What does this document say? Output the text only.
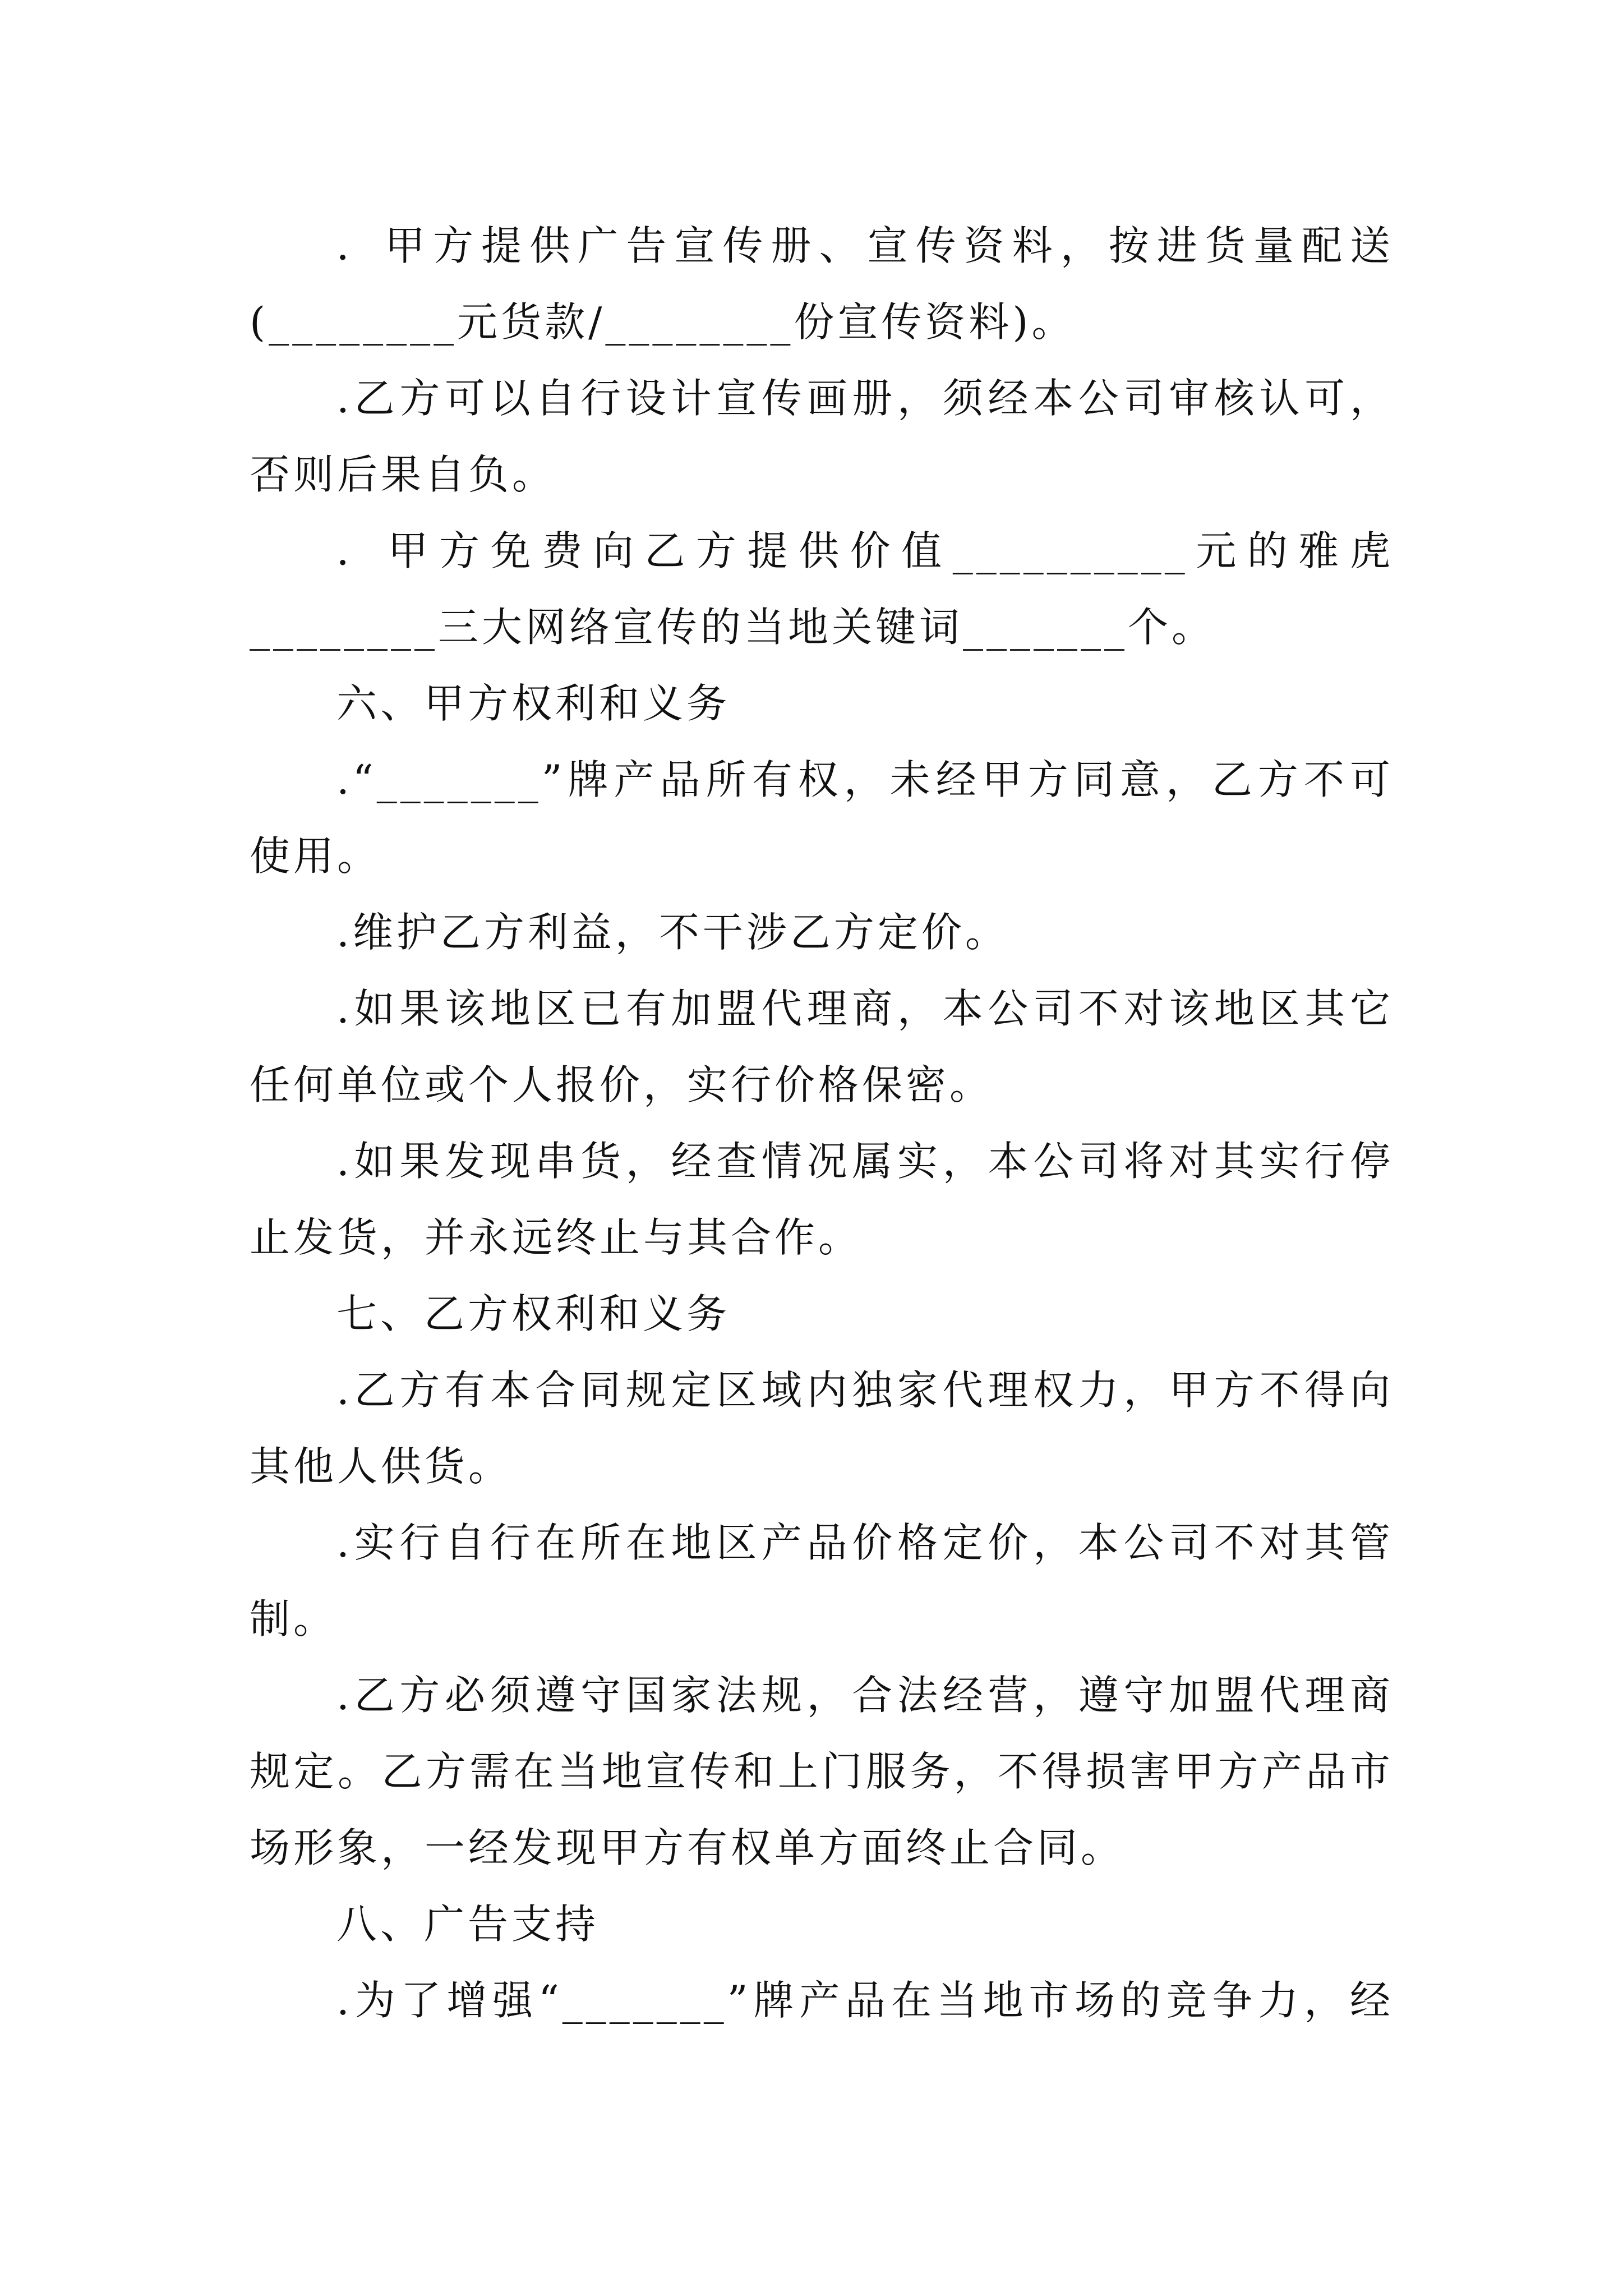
．甲方提供广告宣传册、宣传资料，按进货量配送
(________元货款/________份宣传资料)。
.乙方可以自行设计宣传画册，须经本公司审核认可，
否则后果自负。
．甲方免费向乙方提供价值__________元的雅虎
________三大网络宣传的当地关键词_______个。
六、甲方权利和义务
.“_______”牌产品所有权，未经甲方同意，乙方不可
使用。
.维护乙方利益，不干涉乙方定价。
.如果该地区已有加盟代理商，本公司不对该地区其它
任何单位或个人报价，实行价格保密。
.如果发现串货，经查情况属实，本公司将对其实行停
止发货，并永远终止与其合作。
七、乙方权利和义务
.乙方有本合同规定区域内独家代理权力，甲方不得向
其他人供货。
.实行自行在所在地区产品价格定价，本公司不对其管
制。
.乙方必须遵守国家法规，合法经营，遵守加盟代理商
规定。乙方需在当地宣传和上门服务，不得损害甲方产品市
场形象，一经发现甲方有权单方面终止合同。
八、广告支持
.为了增强“_______”牌产品在当地市场的竞争力，经
